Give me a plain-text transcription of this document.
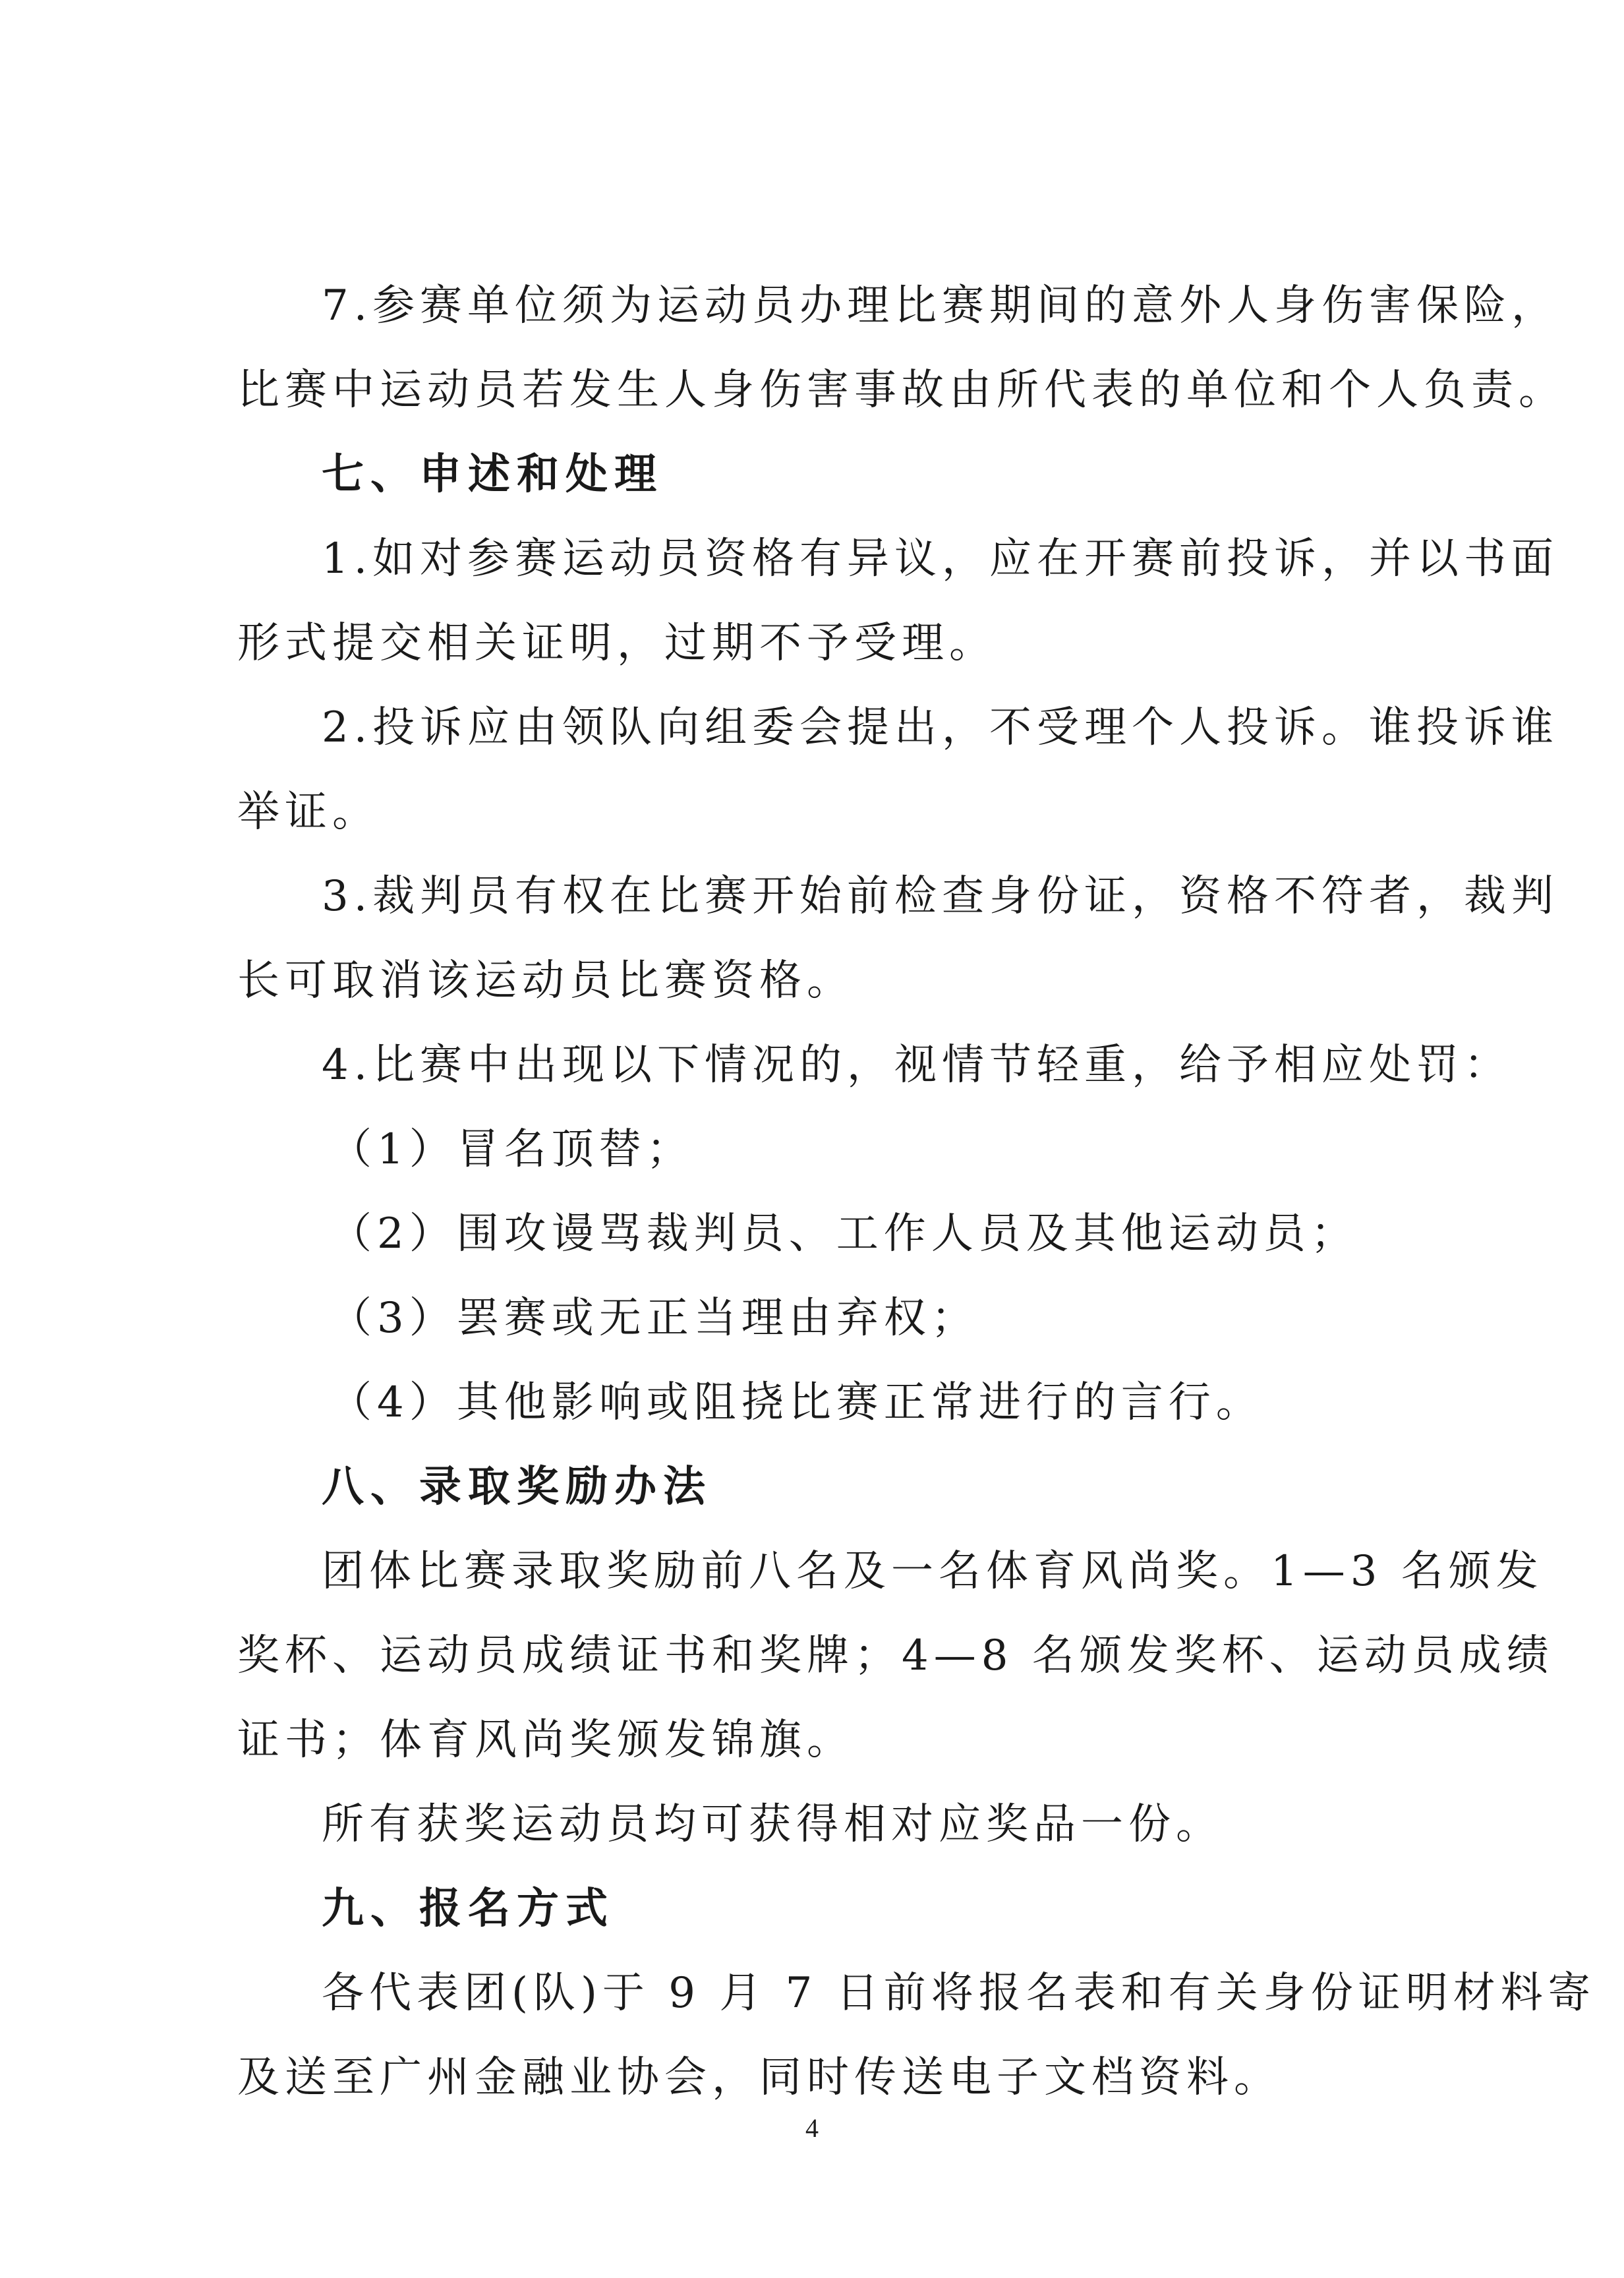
7.参赛单位须为运动员办理比赛期间的意外人身伤害保险，
比赛中运动员若发生人身伤害事故由所代表的单位和个人负责。
七、申述和处理
1.如对参赛运动员资格有异议，应在开赛前投诉，并以书面
形式提交相关证明，过期不予受理。
2.投诉应由领队向组委会提出，不受理个人投诉。谁投诉谁
举证。
3.裁判员有权在比赛开始前检查身份证，资格不符者，裁判
长可取消该运动员比赛资格。
4.比赛中出现以下情况的，视情节轻重，给予相应处罚：
（1）冒名顶替；
（2）围攻谩骂裁判员、工作人员及其他运动员；
（3）罢赛或无正当理由弃权；
（4）其他影响或阻挠比赛正常进行的言行。
八、录取奖励办法
团体比赛录取奖励前八名及一名体育风尚奖。1—3 名颁发
奖杯、运动员成绩证书和奖牌；4—8 名颁发奖杯、运动员成绩
证书；体育风尚奖颁发锦旗。
所有获奖运动员均可获得相对应奖品一份。
九、报名方式
各代表团(队)于 9 月 7 日前将报名表和有关身份证明材料寄
及送至广州金融业协会，同时传送电子文档资料。
4
